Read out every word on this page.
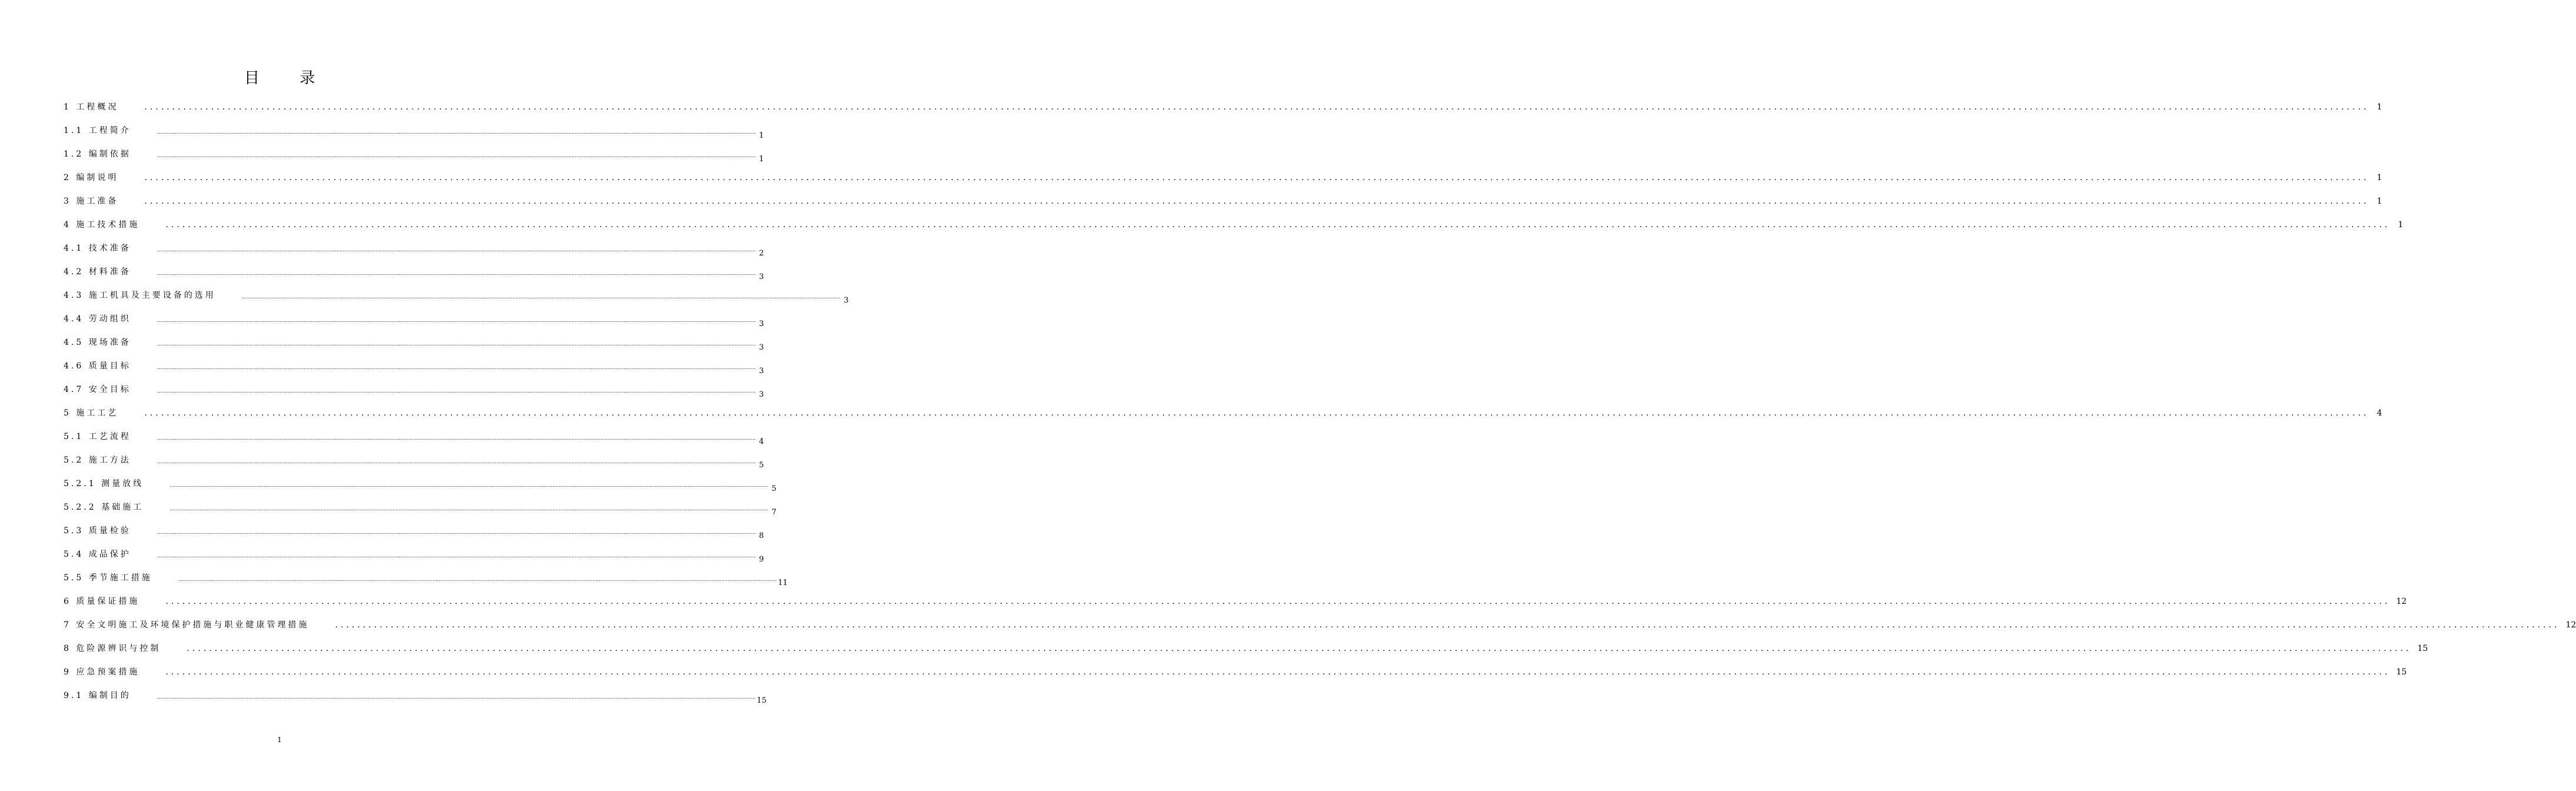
目 录
1 工程概况	................................................................................................................................................................................................................................................................................................................................................................................................................ 1
1.1 工程简介	................................................................................................................................................................................................................................................................................................................................................................................................................ 1
1.2 编制依据	................................................................................................................................................................................................................................................................................................................................................................................................................ 1
2 编制说明	................................................................................................................................................................................................................................................................................................................................................................................................................ 1
3 施工准备	................................................................................................................................................................................................................................................................................................................................................................................................................ 1
4 施工技术措施	................................................................................................................................................................................................................................................................................................................................................................................................................ 1
4.1 技术准备	................................................................................................................................................................................................................................................................................................................................................................................................................ 2
4.2 材料准备	................................................................................................................................................................................................................................................................................................................................................................................................................ 3
4.3 施工机具及主要设备的选用	................................................................................................................................................................................................................................................................................................................................................................................................................ 3
4.4 劳动组织	................................................................................................................................................................................................................................................................................................................................................................................................................ 3
4.5 现场准备	................................................................................................................................................................................................................................................................................................................................................................................................................ 3
4.6 质量目标	................................................................................................................................................................................................................................................................................................................................................................................................................ 3
4.7 安全目标	................................................................................................................................................................................................................................................................................................................................................................................................................ 3
5 施工工艺	................................................................................................................................................................................................................................................................................................................................................................................................................ 4
5.1 工艺流程	................................................................................................................................................................................................................................................................................................................................................................................................................ 4
5.2 施工方法	................................................................................................................................................................................................................................................................................................................................................................................................................ 5
5.2.1 测量放线	................................................................................................................................................................................................................................................................................................................................................................................................................ 5
5.2.2 基础施工	................................................................................................................................................................................................................................................................................................................................................................................................................ 7
5.3 质量检验	................................................................................................................................................................................................................................................................................................................................................................................................................ 8
5.4 成品保护	................................................................................................................................................................................................................................................................................................................................................................................................................ 9
5.5 季节施工措施	................................................................................................................................................................................................................................................................................................................................................................................................................ 11
6 质量保证措施	................................................................................................................................................................................................................................................................................................................................................................................................................ 12
7 安全文明施工及环境保护措施与职业健康管理措施	................................................................................................................................................................................................................................................................................................................................................................................................................ 12
8 危险源辨识与控制	................................................................................................................................................................................................................................................................................................................................................................................................................ 15
9 应急预案措施	................................................................................................................................................................................................................................................................................................................................................................................................................ 15
9.1 编制目的	................................................................................................................................................................................................................................................................................................................................................................................................................ 15
1
